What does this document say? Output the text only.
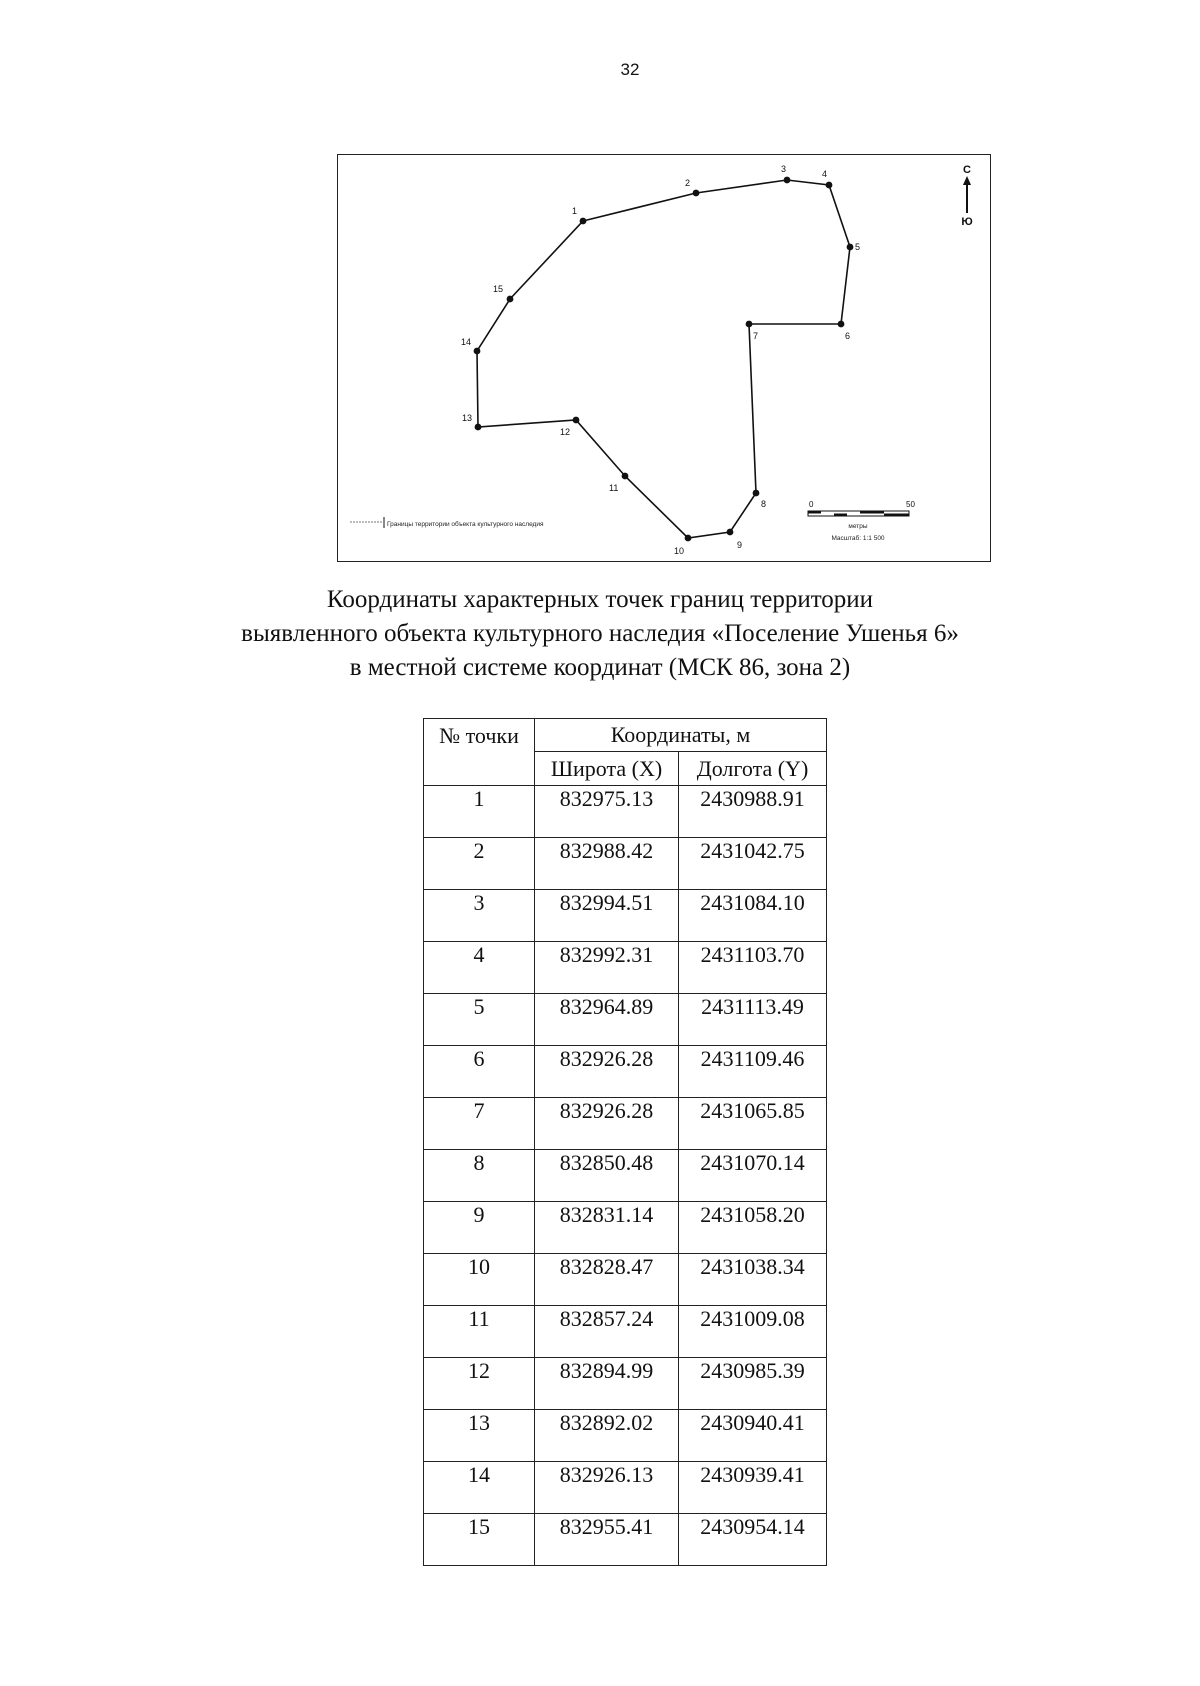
32
1
2
3	4
5
6
7
8
9
10
11
12
13
14
15
С
Ю
Границы территории объекта культурного наследия
0	50
метры
Масштаб: 1:1 500
Координаты характерных точек границ территории
выявленного объекта культурного наследия «Поселение Ушенья 6»
в местной системе координат (МСК 86, зона 2)
№ точки	Координаты, м	
	Широта (X)	Долгота (Y)
1	832975.13	2430988.91
2	832988.42	2431042.75
3	832994.51	2431084.10
4	832992.31	2431103.70
5	832964.89	2431113.49
6	832926.28	2431109.46
7	832926.28	2431065.85
8	832850.48	2431070.14
9	832831.14	2431058.20
10	832828.47	2431038.34
11	832857.24	2431009.08
12	832894.99	2430985.39
13	832892.02	2430940.41
14	832926.13	2430939.41
15	832955.41	2430954.14
